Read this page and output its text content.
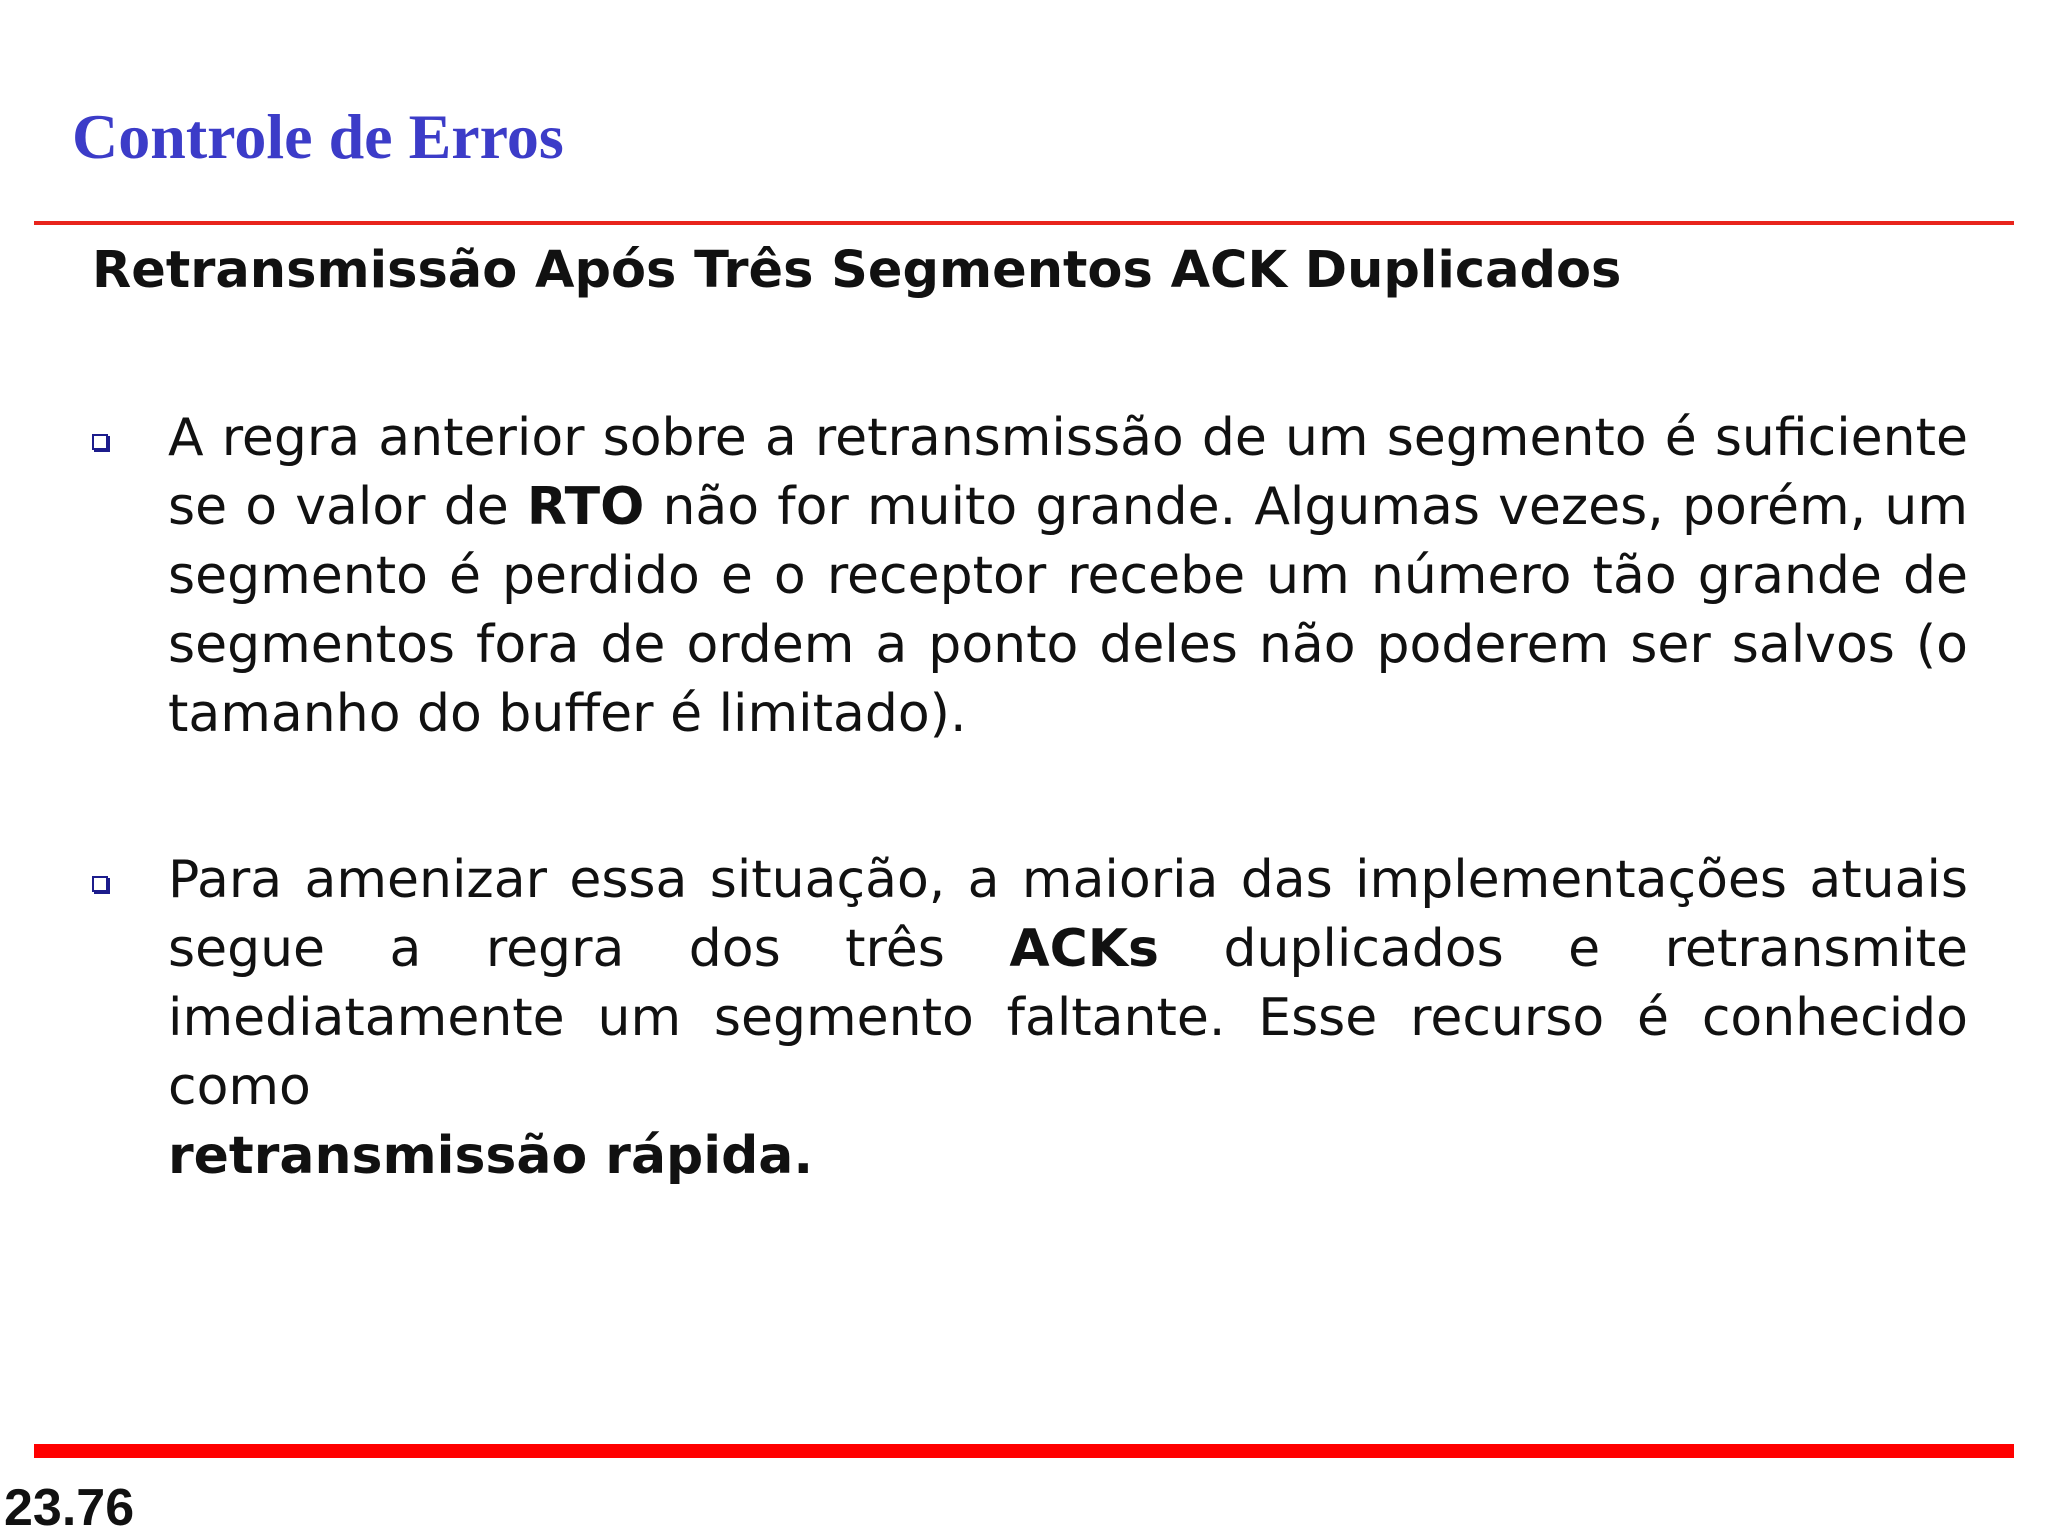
Controle de Erros
Retransmissão Após Três Segmentos ACK Duplicados
A regra anterior sobre a retransmissão de um segmento é suficiente se o valor de RTO não for muito grande. Algumas vezes, porém, um segmento é perdido e o receptor recebe um número tão grande de segmentos fora de ordem a ponto deles não poderem ser salvos (o tamanho do buffer é limitado).
Para amenizar essa situação, a maioria das implementações atuais segue a regra dos três ACKs duplicados e retransmite imediatamente um segmento faltante. Esse recurso é conhecido como
retransmissão rápida.
23.76
